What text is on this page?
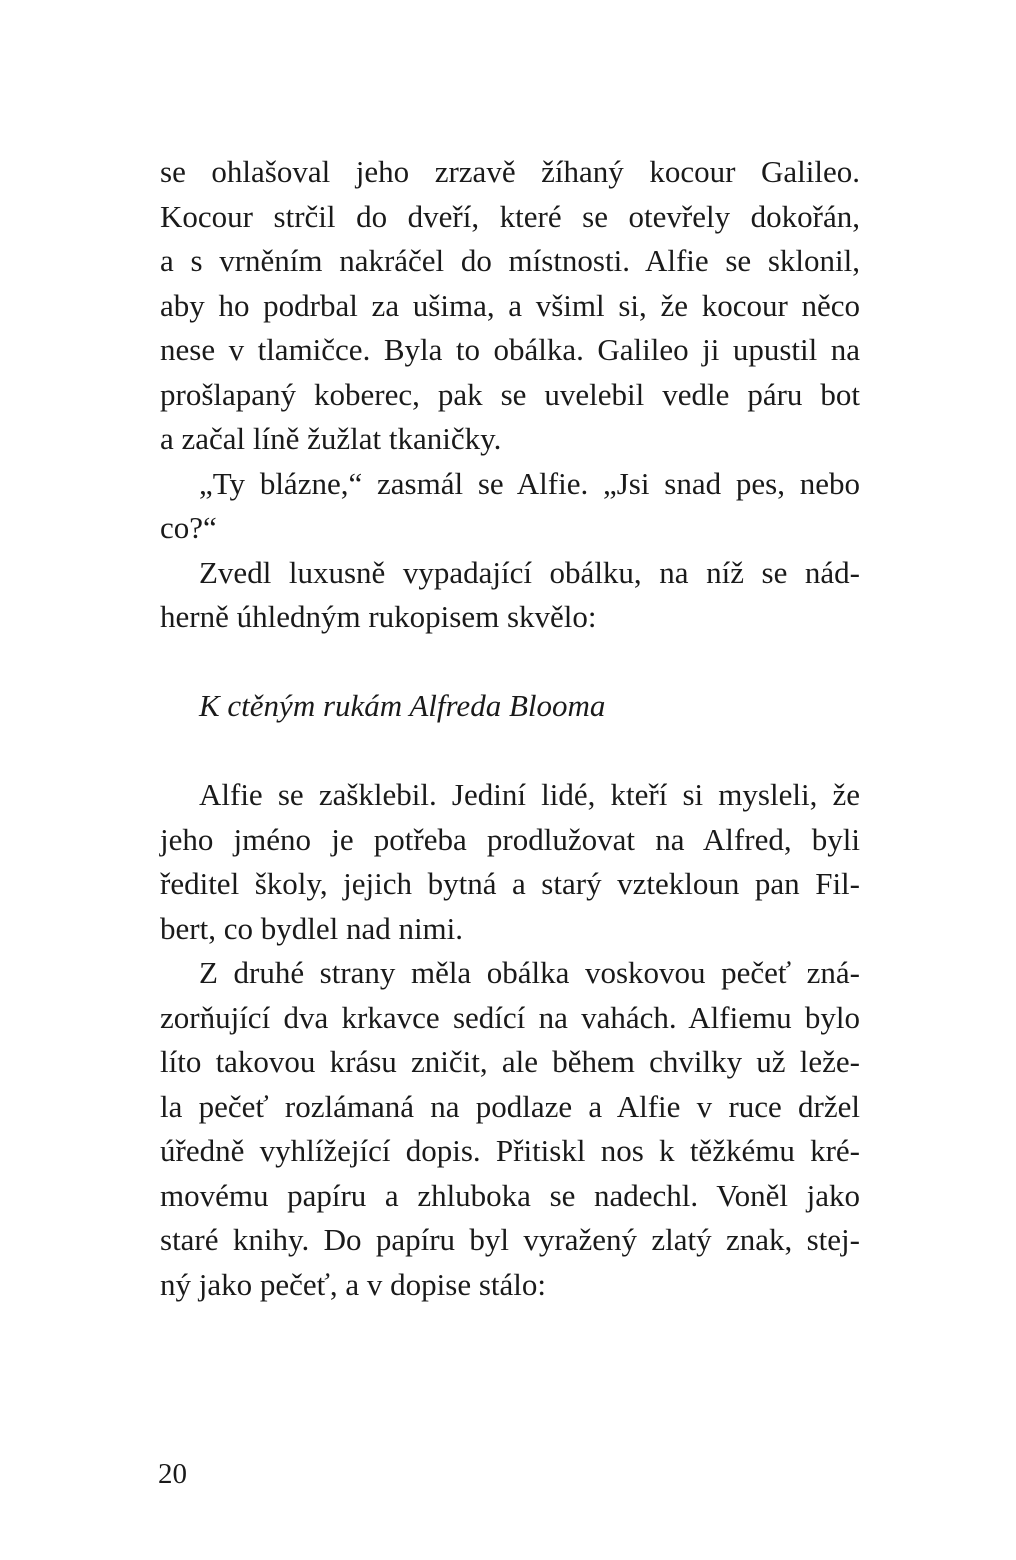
se ohlašoval jeho zrzavě žíhaný kocour Galileo.
Kocour strčil do dveří, které se otevřely dokořán,
a s vrněním nakráčel do místnosti. Alfie se sklonil,
aby ho podrbal za ušima, a všiml si, že kocour něco
nese v tlamičce. Byla to obálka. Galileo ji upustil na
prošlapaný koberec, pak se uvelebil vedle páru bot
a začal líně žužlat tkaničky.
„Ty blázne,“ zasmál se Alfie. „Jsi snad pes, nebo
co?“
Zvedl luxusně vypadající obálku, na níž se nád-
herně úhledným rukopisem skvělo:
K ctěným rukám Alfreda Blooma
Alfie se zašklebil. Jediní lidé, kteří si mysleli, že
jeho jméno je potřeba prodlužovat na Alfred, byli
ředitel školy, jejich bytná a starý vzteklоun pan Fil-
bert, co bydlel nad nimi.
Z druhé strany měla obálka voskovou pečeť zná-
zorňující dva krkavce sedící na vahách. Alfiemu bylo
líto takovou krásu zničit, ale během chvilky už leže-
la pečeť rozlámaná na podlaze a Alfie v ruce držel
úředně vyhlížející dopis. Přitiskl nos k těžkému kré-
movému papíru a zhluboka se nadechl. Voněl jako
staré knihy. Do papíru byl vyražený zlatý znak, stej-
ný jako pečeť, a v dopise stálo:
20
